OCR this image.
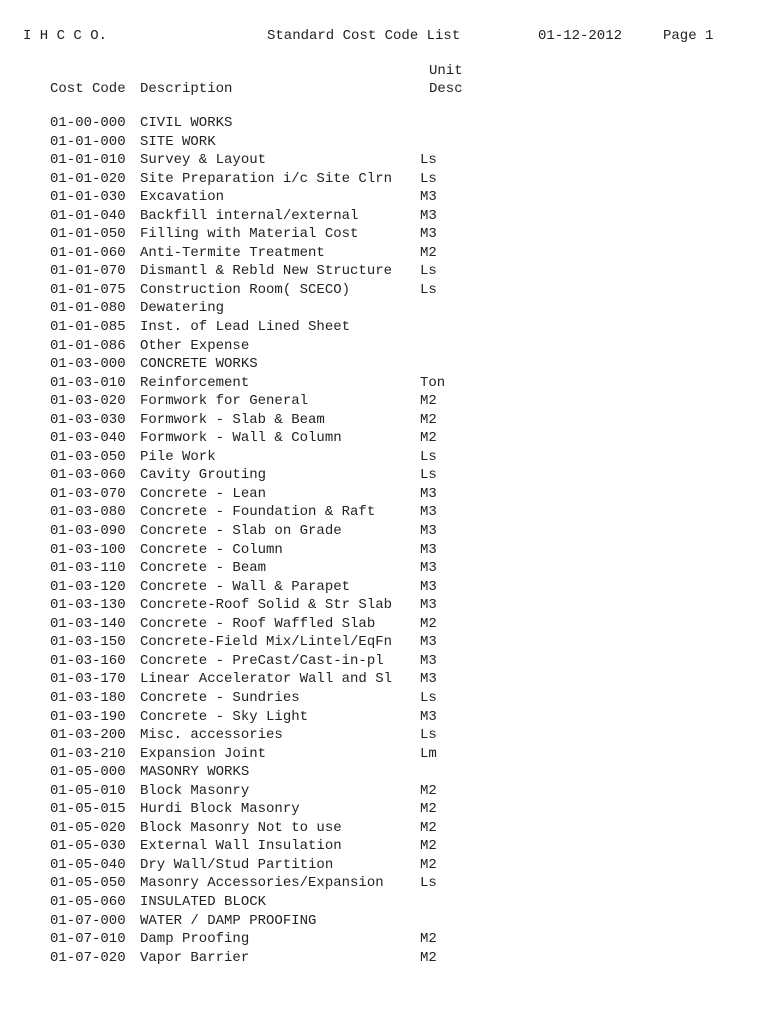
I H C C O.	Standard Cost Code List	01-12-2012	Page 1
Cost Code Description
Unit
Desc
01-00-000 CIVIL WORKS
01-01-000 SITE WORK
01-01-010 Survey & Layout	Ls
01-01-020 Site Preparation i/c Site Clrn Ls
01-01-030 Excavation	M3
01-01-040 Backfill internal/external	M3
01-01-050 Filling with Material Cost	M3
01-01-060 Anti-Termite Treatment	M2
01-01-070 Dismantl & Rebld New Structure Ls
01-01-075 Construction Room( SCECO)	Ls
01-01-080 Dewatering
01-01-085 Inst. of Lead Lined Sheet
01-01-086 Other Expense
01-03-000 CONCRETE WORKS
01-03-010 Reinforcement	Ton
01-03-020 Formwork for General	M2
01-03-030 Formwork - Slab & Beam	M2
01-03-040 Formwork - Wall & Column	M2
01-03-050 Pile Work	Ls
01-03-060 Cavity Grouting	Ls
01-03-070 Concrete - Lean	M3
01-03-080 Concrete - Foundation & Raft	M3
01-03-090 Concrete - Slab on Grade	M3
01-03-100 Concrete - Column	M3
01-03-110 Concrete - Beam	M3
01-03-120 Concrete - Wall & Parapet	M3
01-03-130 Concrete-Roof Solid & Str Slab M3
01-03-140 Concrete - Roof Waffled Slab	M2
01-03-150 Concrete-Field Mix/Lintel/EqFn M3
01-03-160 Concrete - PreCast/Cast-in-pl	M3
01-03-170 Linear Accelerator Wall and Sl M3
01-03-180 Concrete - Sundries	Ls
01-03-190 Concrete - Sky Light	M3
01-03-200 Misc. accessories	Ls
01-03-210 Expansion Joint	Lm
01-05-000 MASONRY WORKS
01-05-010 Block Masonry	M2
01-05-015 Hurdi Block Masonry	M2
01-05-020 Block Masonry Not to use	M2
01-05-030 External Wall Insulation	M2
01-05-040 Dry Wall/Stud Partition	M2
01-05-050 Masonry Accessories/Expansion	Ls
01-05-060 INSULATED BLOCK
01-07-000 WATER / DAMP PROOFING
01-07-010 Damp Proofing	M2
01-07-020 Vapor Barrier	M2
